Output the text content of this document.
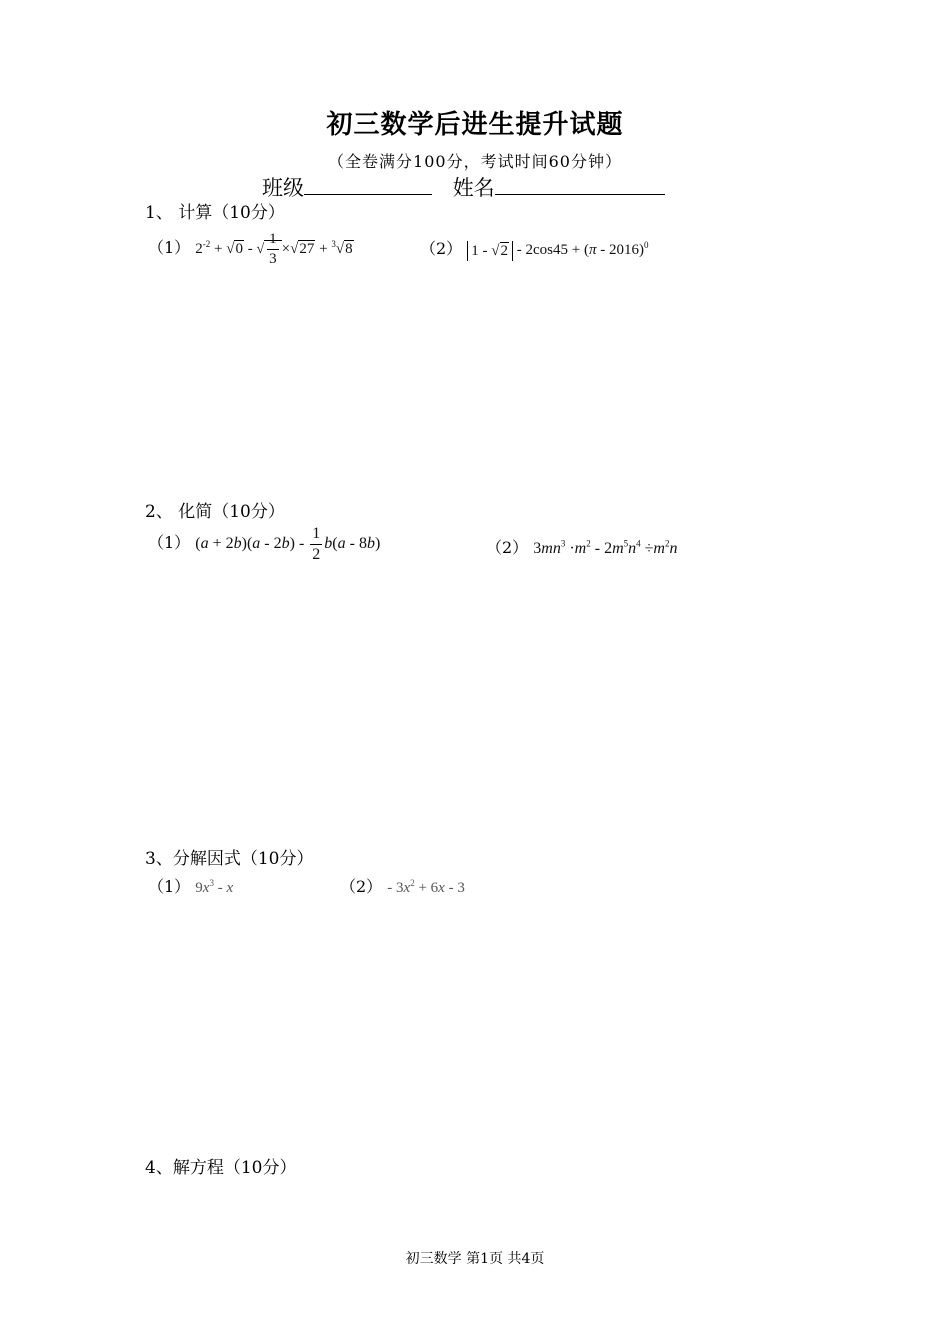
初三数学后进生提升试题
（全卷满分100分，考试时间60分钟）
班级	姓名
1、 计算（10分）
（1） $2^{-2} + √0$ - √ $\frac{1}{3} \times√27 + ^3√8$	（2） 1 - √2 - 2cos45 + (π - 2016)$^0$
2、 化简（10分）
（1） $(a + 2b)(a - 2b) - \frac{1}{2} b(a - 8b)$	（2） $3mn^3 \cdot m^2 - 2m^5n^4 \div m^2n$
3、分解因式（10分）
（1） $9x^3$ - x	$(2) - 3x^2 + 6x - 3$
4、解方程（10分）
初三数学 第1页 共4页
